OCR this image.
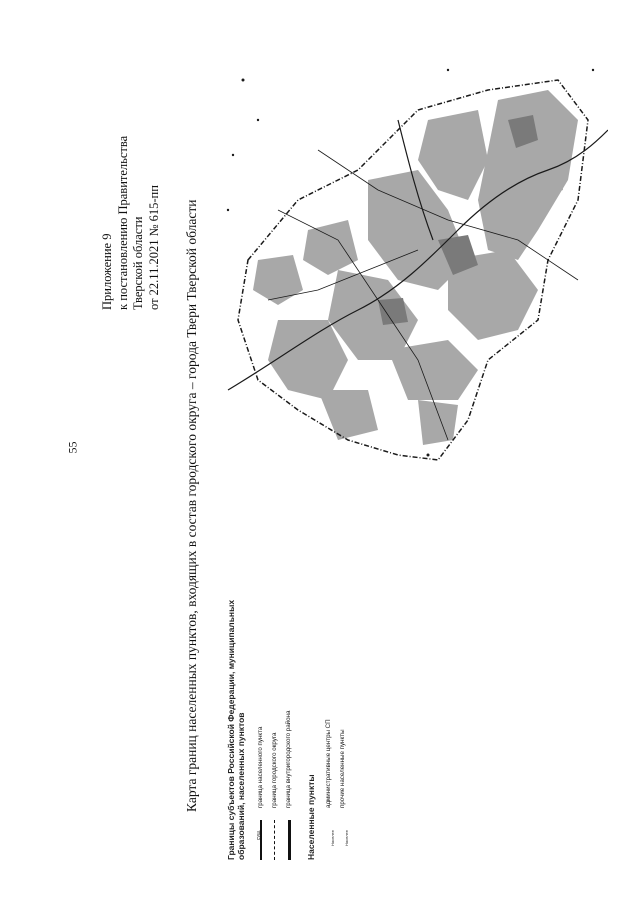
55
Приложение 9 к постановлению Правительства Тверской области от 22.11.2021 № 615-пп Карта границ населенных пунктов, входящих в состав городского округа – города Твери Тверской области	Границы субъектов Российской Федерации, муниципальных образований, населенных пунктов	суш.
граница населенного пункта	граница городского округа	граница внутригородского района
Населенные пункты	Населен
административные центры СП
Населен
прочие населенные пункты
